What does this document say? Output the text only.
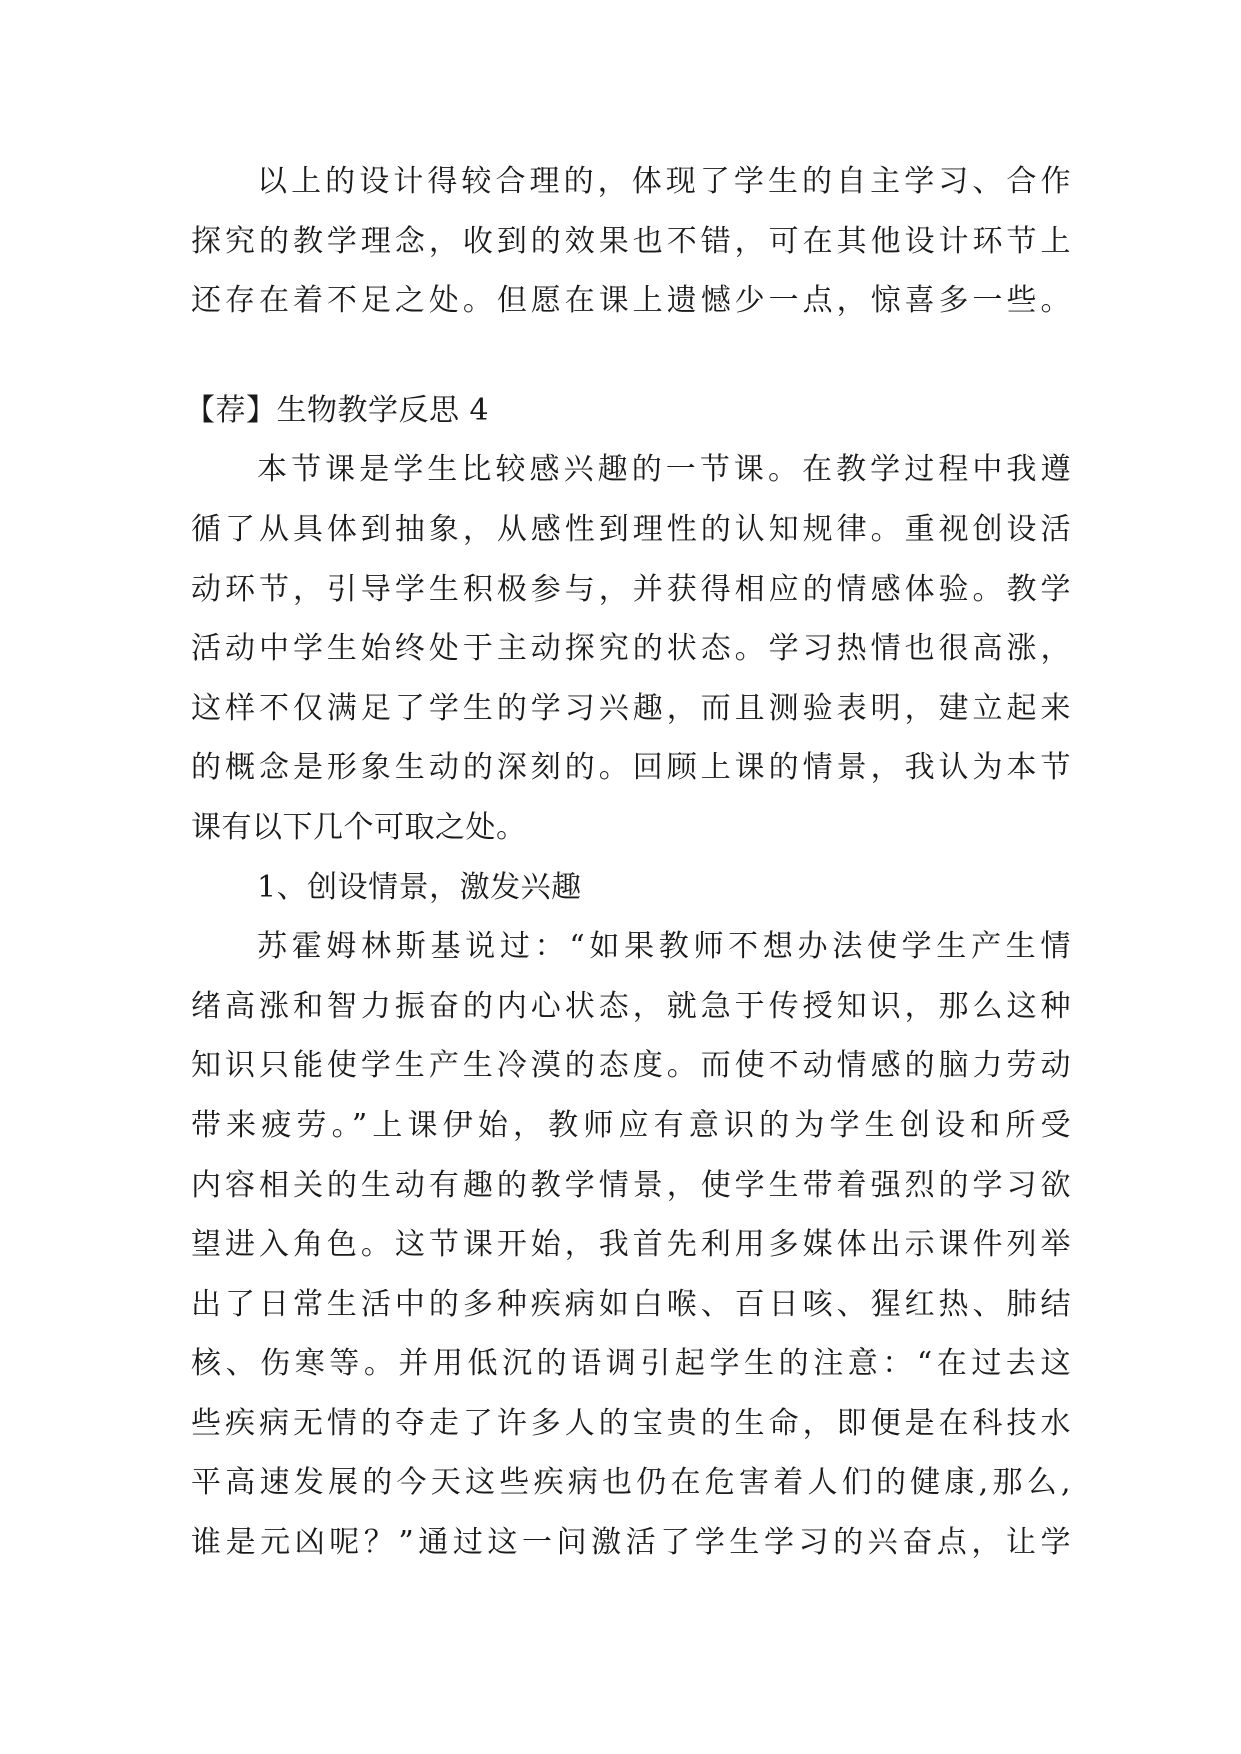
以上的设计得较合理的，体现了学生的自主学习、合作
探究的教学理念，收到的效果也不错，可在其他设计环节上
还存在着不足之处。但愿在课上遗憾少一点，惊喜多一些。
【荐】生物教学反思 4
本节课是学生比较感兴趣的一节课。在教学过程中我遵
循了从具体到抽象，从感性到理性的认知规律。重视创设活
动环节，引导学生积极参与，并获得相应的情感体验。教学
活动中学生始终处于主动探究的状态。学习热情也很高涨，
这样不仅满足了学生的学习兴趣，而且测验表明，建立起来
的概念是形象生动的深刻的。回顾上课的情景，我认为本节
课有以下几个可取之处。
1、创设情景，激发兴趣
苏霍姆林斯基说过：“如果教师不想办法使学生产生情
绪高涨和智力振奋的内心状态，就急于传授知识，那么这种
知识只能使学生产生冷漠的态度。而使不动情感的脑力劳动
带来疲劳。”上课伊始，教师应有意识的为学生创设和所受
内容相关的生动有趣的教学情景，使学生带着强烈的学习欲
望进入角色。这节课开始，我首先利用多媒体出示课件列举
出了日常生活中的多种疾病如白喉、百日咳、猩红热、肺结
核、伤寒等。并用低沉的语调引起学生的注意：“在过去这
些疾病无情的夺走了许多人的宝贵的生命，即便是在科技水
平高速发展的今天这些疾病也仍在危害着人们的健康,那么,
谁是元凶呢？”通过这一问激活了学生学习的兴奋点，让学
